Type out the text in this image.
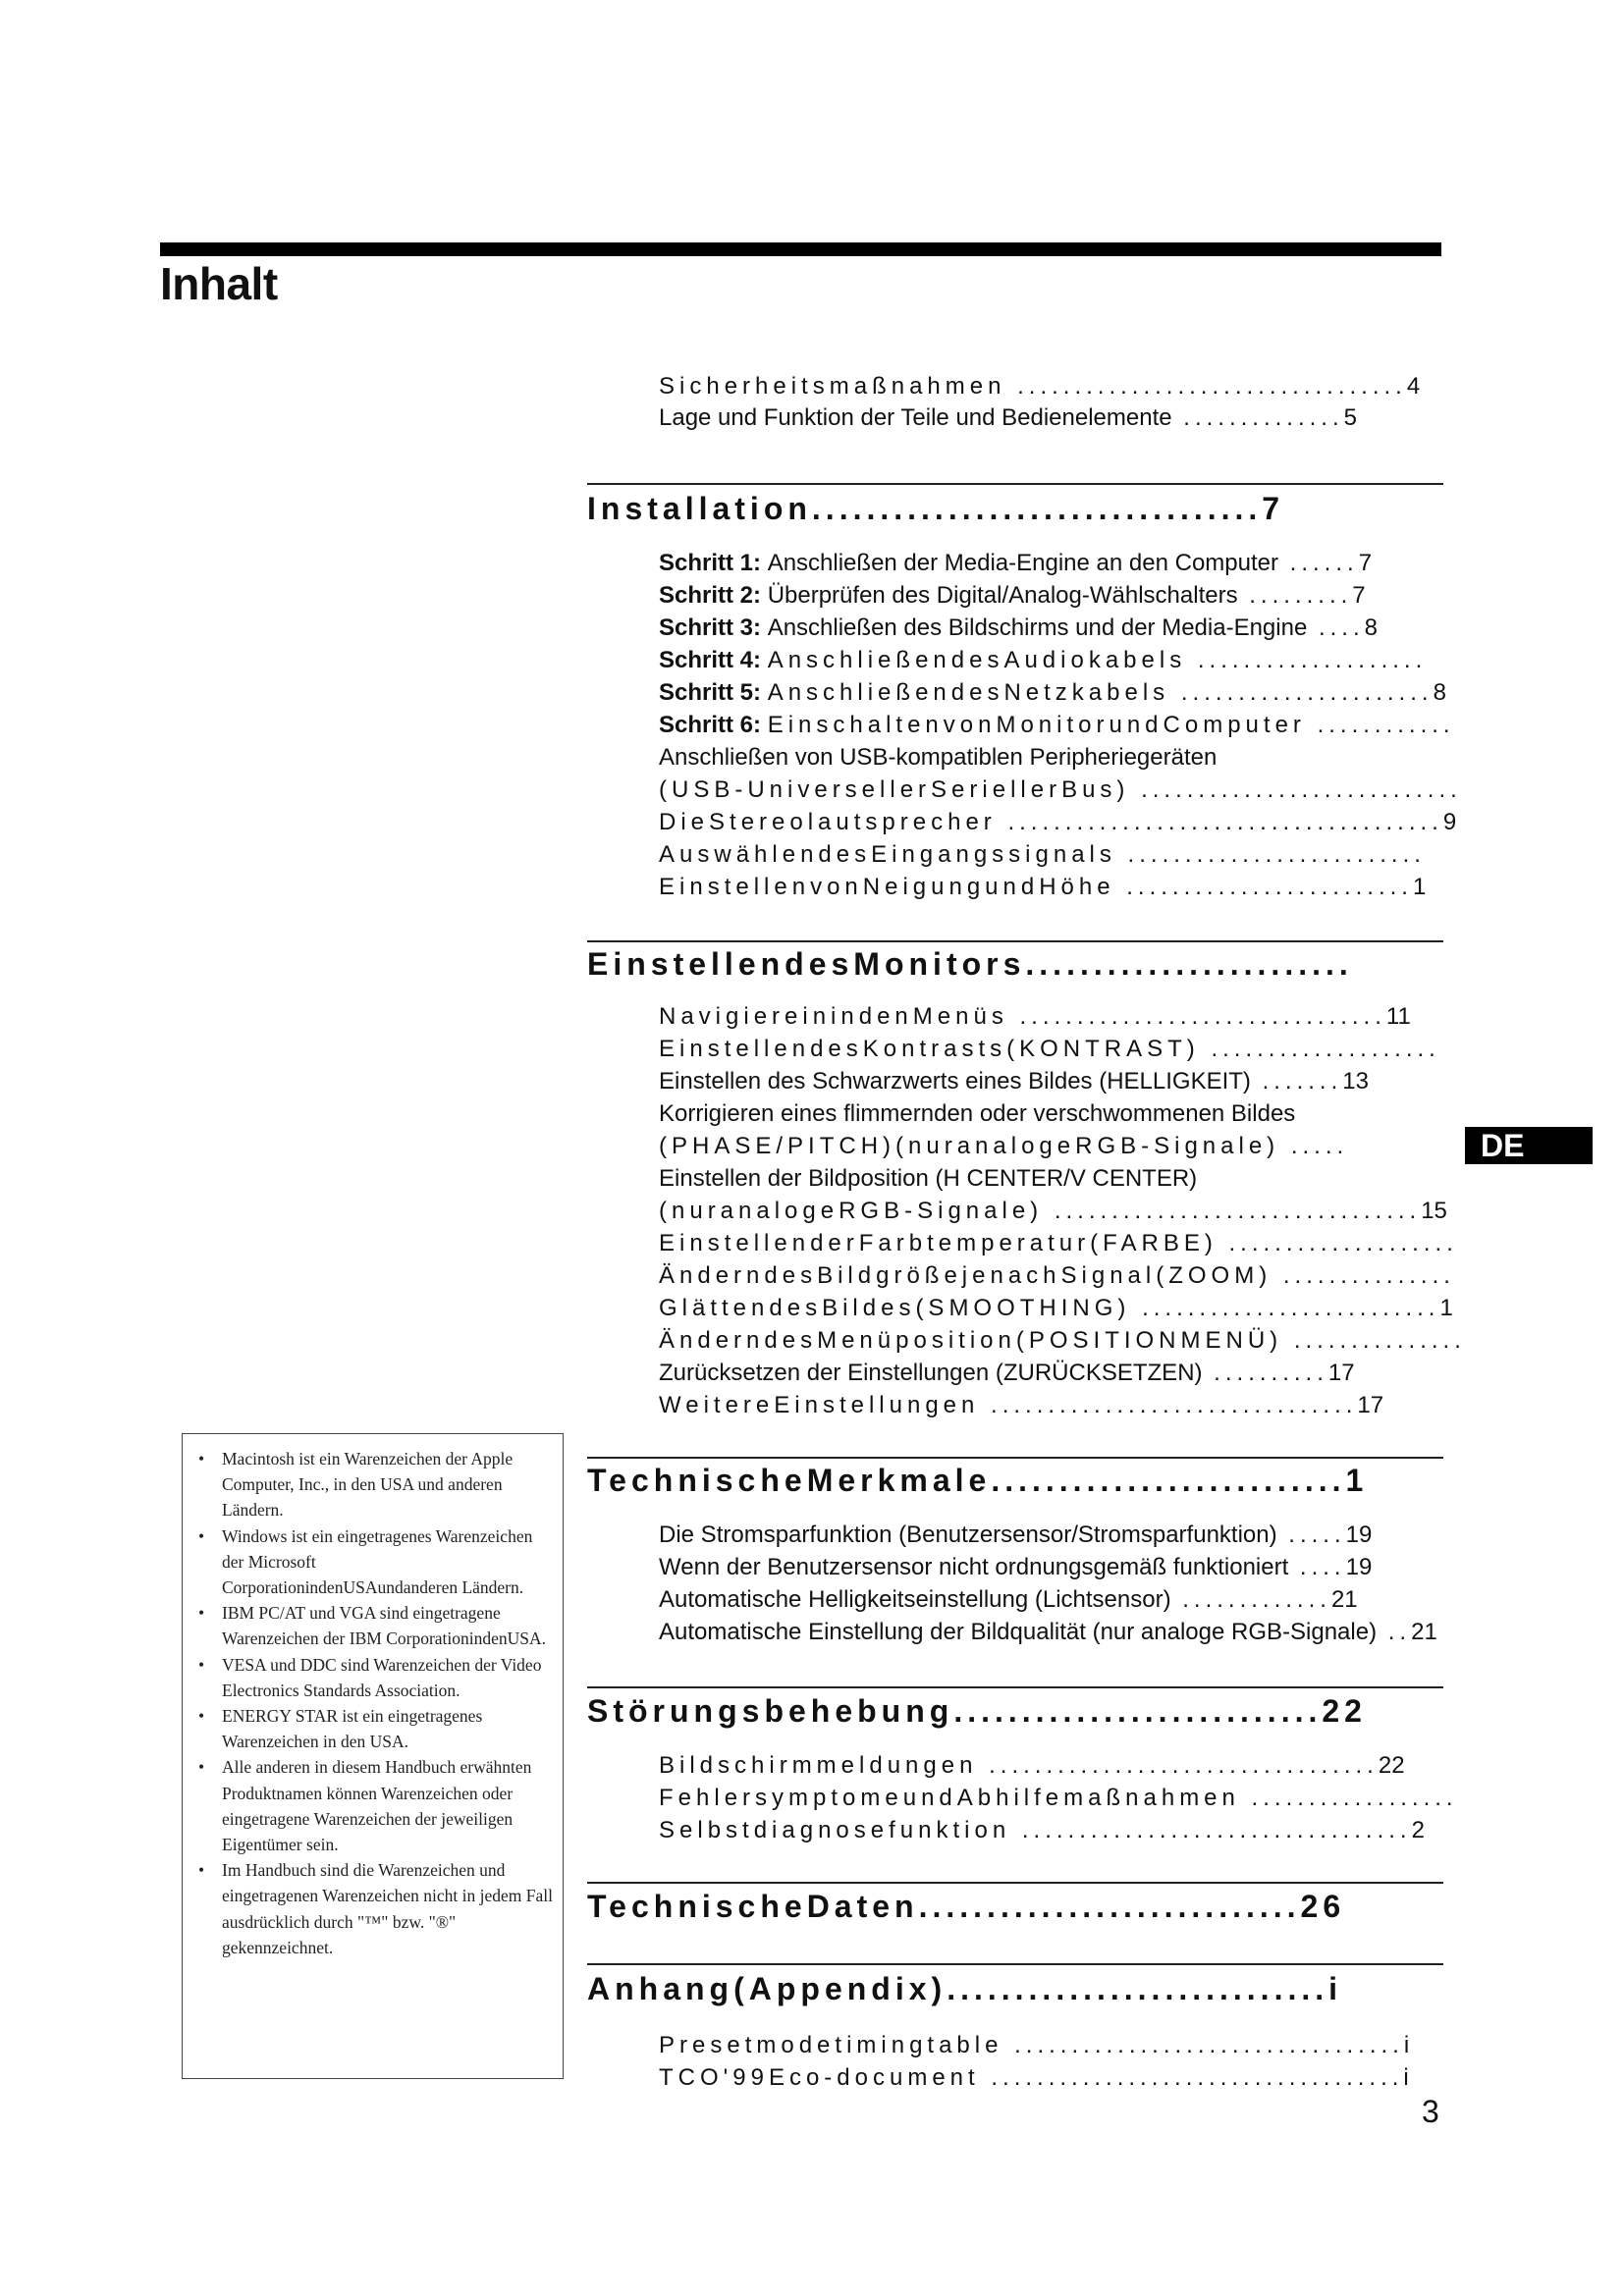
Inhalt
Sicherheitsmaßnahmen ..................................4
Lage und Funktion der Teile und Bedienelemente ..............5
Installation.................................7
Schritt 1: Anschließen der Media-Engine an den Computer ......7
Schritt 2: Überprüfen des Digital/Analog-Wählschalters .........7
Schritt 3: Anschließen des Bildschirms und der Media-Engine ....8
Schritt 4: AnschließendesAudiokabels ....................
Schritt 5: AnschließendesNetzkabels ......................8
Schritt 6: EinschaltenvonMonitorundComputer ............
Anschließen von USB-kompatiblen Peripheriegeräten
(USB-UniversellerSeriellerBus) ............................
DieStereolautsprecher ......................................9
AuswählendesEingangssignals ..........................
EinstellenvonNeigungundHöhe .........................1
EinstellendesMonitors........................
NavigiereinindenMenüs ................................11
EinstellendesKontrasts(KONTRAST) ....................
Einstellen des Schwarzwerts eines Bildes (HELLIGKEIT) .......13
Korrigieren eines flimmernden oder verschwommenen Bildes
(PHASE/PITCH)(nuranalogeRGB-Signale) .....
Einstellen der Bildposition (H CENTER/V CENTER)
(nuranalogeRGB-Signale) ................................15
EinstellenderFarbtemperatur(FARBE) ....................
ÄnderndesBildgrößejenachSignal(ZOOM) ...............
GlättendesBildes(SMOOTHING) ..........................1
ÄnderndesMenüposition(POSITIONMENÜ) ...............
Zurücksetzen der Einstellungen (ZURÜCKSETZEN) ..........17
WeitereEinstellungen ................................17
TechnischeMerkmale..........................1
Die Stromsparfunktion (Benutzersensor/Stromsparfunktion) .....19
Wenn der Benutzersensor nicht ordnungsgemäß funktioniert ....19
Automatische Helligkeitseinstellung (Lichtsensor) .............21
Automatische Einstellung der Bildqualität (nur analoge RGB-Signale) ..21
Störungsbehebung...........................22
Bildschirmmeldungen ..................................22
FehlersymptomeundAbhilfemaßnahmen ..................
Selbstdiagnosefunktion ..................................2
TechnischeDaten............................26
Anhang(Appendix)............................i
Presetmodetimingtable ..................................i
TCO'99Eco-document ....................................i
DE
• Macintosh ist ein Warenzeichen der Apple Computer, Inc., in den USA und anderen Ländern.
• Windows ist ein eingetragenes Warenzeichen der Microsoft CorporationindenUSAundanderen Ländern.
• IBM PC/AT und VGA sind eingetragene Warenzeichen der IBM CorporationindenUSA.
• VESA und DDC sind Warenzeichen der Video Electronics Standards Association.
• ENERGY STAR ist ein eingetragenes Warenzeichen in den USA.
• Alle anderen in diesem Handbuch erwähnten Produktnamen können Warenzeichen oder eingetragene Warenzeichen der jeweiligen Eigentümer sein.
• Im Handbuch sind die Warenzeichen und eingetragenen Warenzeichen nicht in jedem Fall ausdrücklich durch "™" bzw. "®" gekennzeichnet.
3
